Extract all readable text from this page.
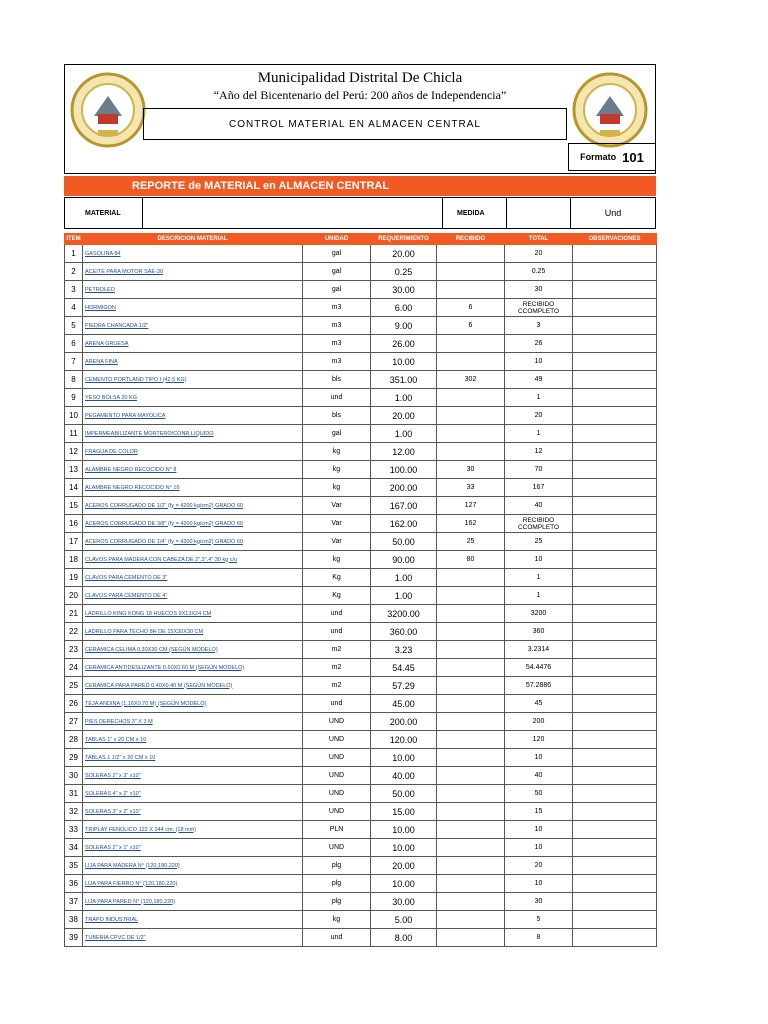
Municipalidad Distrital De Chicla
“Año del Bicentenario del Perú: 200 años de Independencia”
CONTROL MATERIAL EN ALMACEN CENTRAL
Formato 101
REPORTE de MATERIAL en ALMACEN CENTRAL
MATERIAL	MEDIDA	Und
ITEM	DESCRICION MATERIAL	UNIDAD	REQUERIMIENTO	RECIBIDO	TOTAL	OBSERVACIONES
1	GASOLINA 84	gal	20.00		20	
2	ACEITE PARA MOTOR SAE-30	gal	0.25		0.25	
3	PETROLEO	gal	30.00		30	
4	HORMIGON	m3	6.00	6	RECIBIDO CCOMPLETO	
5	PIEDRA CHANCADA 1/2"	m3	9.00	6	3	
6	ARENA GRUESA	m3	26.00		26	
7	ARENA FINA	m3	10.00		10	
8	CEMENTO PORTLAND TIPO I (42.5 KG)	bls	351.00	302	49	
9	YESO BOLSA 20 KG	und	1.00		1	
10	PEGAMENTO PARA MAYOLICA	bls	20.00		20	
11	IMPERMEABILIZANTE MORTERO/CONR.LIQUIDO	gal	1.00		1	
12	FRAGUA DE COLOR	kg	12.00		12	
13	ALAMBRE NEGRO RECOCIDO N° 8	kg	100.00	30	70	
14	ALAMBRE NEGRO RECOCIDO N° 16	kg	200.00	33	167	
15	ACEROS CORRUGADO DE 1/2" (fy = 4200 kg/cm2) GRADO 60	Var	167.00	127	40	
16	ACEROS CORRUGADO DE 3/8" (fy = 4200 kg/cm2) GRADO 60	Var	162.00	162	RECIBIDO CCOMPLETO	
17	ACEROS CORRUGADO DE 1/4" (fy = 4200 kg/cm2) GRADO 60	Var	50.00	25	25	
18	CLAVOS PARA MADERA CON CABEZA DE 2",3",4" 30 kg c/u	kg	90.00	80	10	
19	CLAVOS PARA CEMENTO DE 3"	Kg	1.00		1	
20	CLAVOS PARA CEMENTO DE 4"	Kg	1.00		1	
21	LADRILLO KING KONG 18 HUECOS 9X13X24 CM	und	3200.00		3200	
22	LADRILLO PARA TECHO 8H DE 15X30X30 CM	und	360.00		360	
23	CERAMICA CELIMA 0.30X30 CM (SEGÚN MODELO)	m2	3.23		3.2314	
24	CERAMICA ANTIDESLIZANTE 0.60X0.60 M (SEGÚN MODELO)	m2	54.45		54.4476	
25	CERAMICA PARA PARED 0.40X0.40 M (SEGÚN MODELO)	m2	57.29		57.2886	
26	TEJA ANDINA (1.16X0.70 M) (SEGÚN MODELO)	und	45.00		45	
27	PIES DERECHOS 3" X 3 M	UND	200.00		200	
28	TABLAS 1" x 20 CM x 10	UND	120.00		120	
29	TABLAS 1 1/2" x 20 CM x 10	UND	10.00		10	
30	SOLERAS 2" x 3" x10"	UND	40.00		40	
31	SOLERAS 4" x 2" x10"	UND	50.00		50	
32	SOLERAS 3" x 2" x10"	UND	15.00		15	
33	TRIPLAY FENOLICO 122 X 244 cm. (18 mm)	PLN	10.00		10	
34	SOLERAS 2" x 1" x10"	UND	10.00		10	
35	LIJA PARA MADERA N° (120,180,220)	plg	20.00		20	
36	LIJA PARA FIERRO N° (120,180,220)	plg	10.00		10	
37	LIJA PARA PARED N° (120,180,220)	plg	30.00		30	
38	TRAPO INDUSTRIAL	kg	5.00		5	
39	TUBERIA CPVC DE 1/2"	und	8.00		8	
